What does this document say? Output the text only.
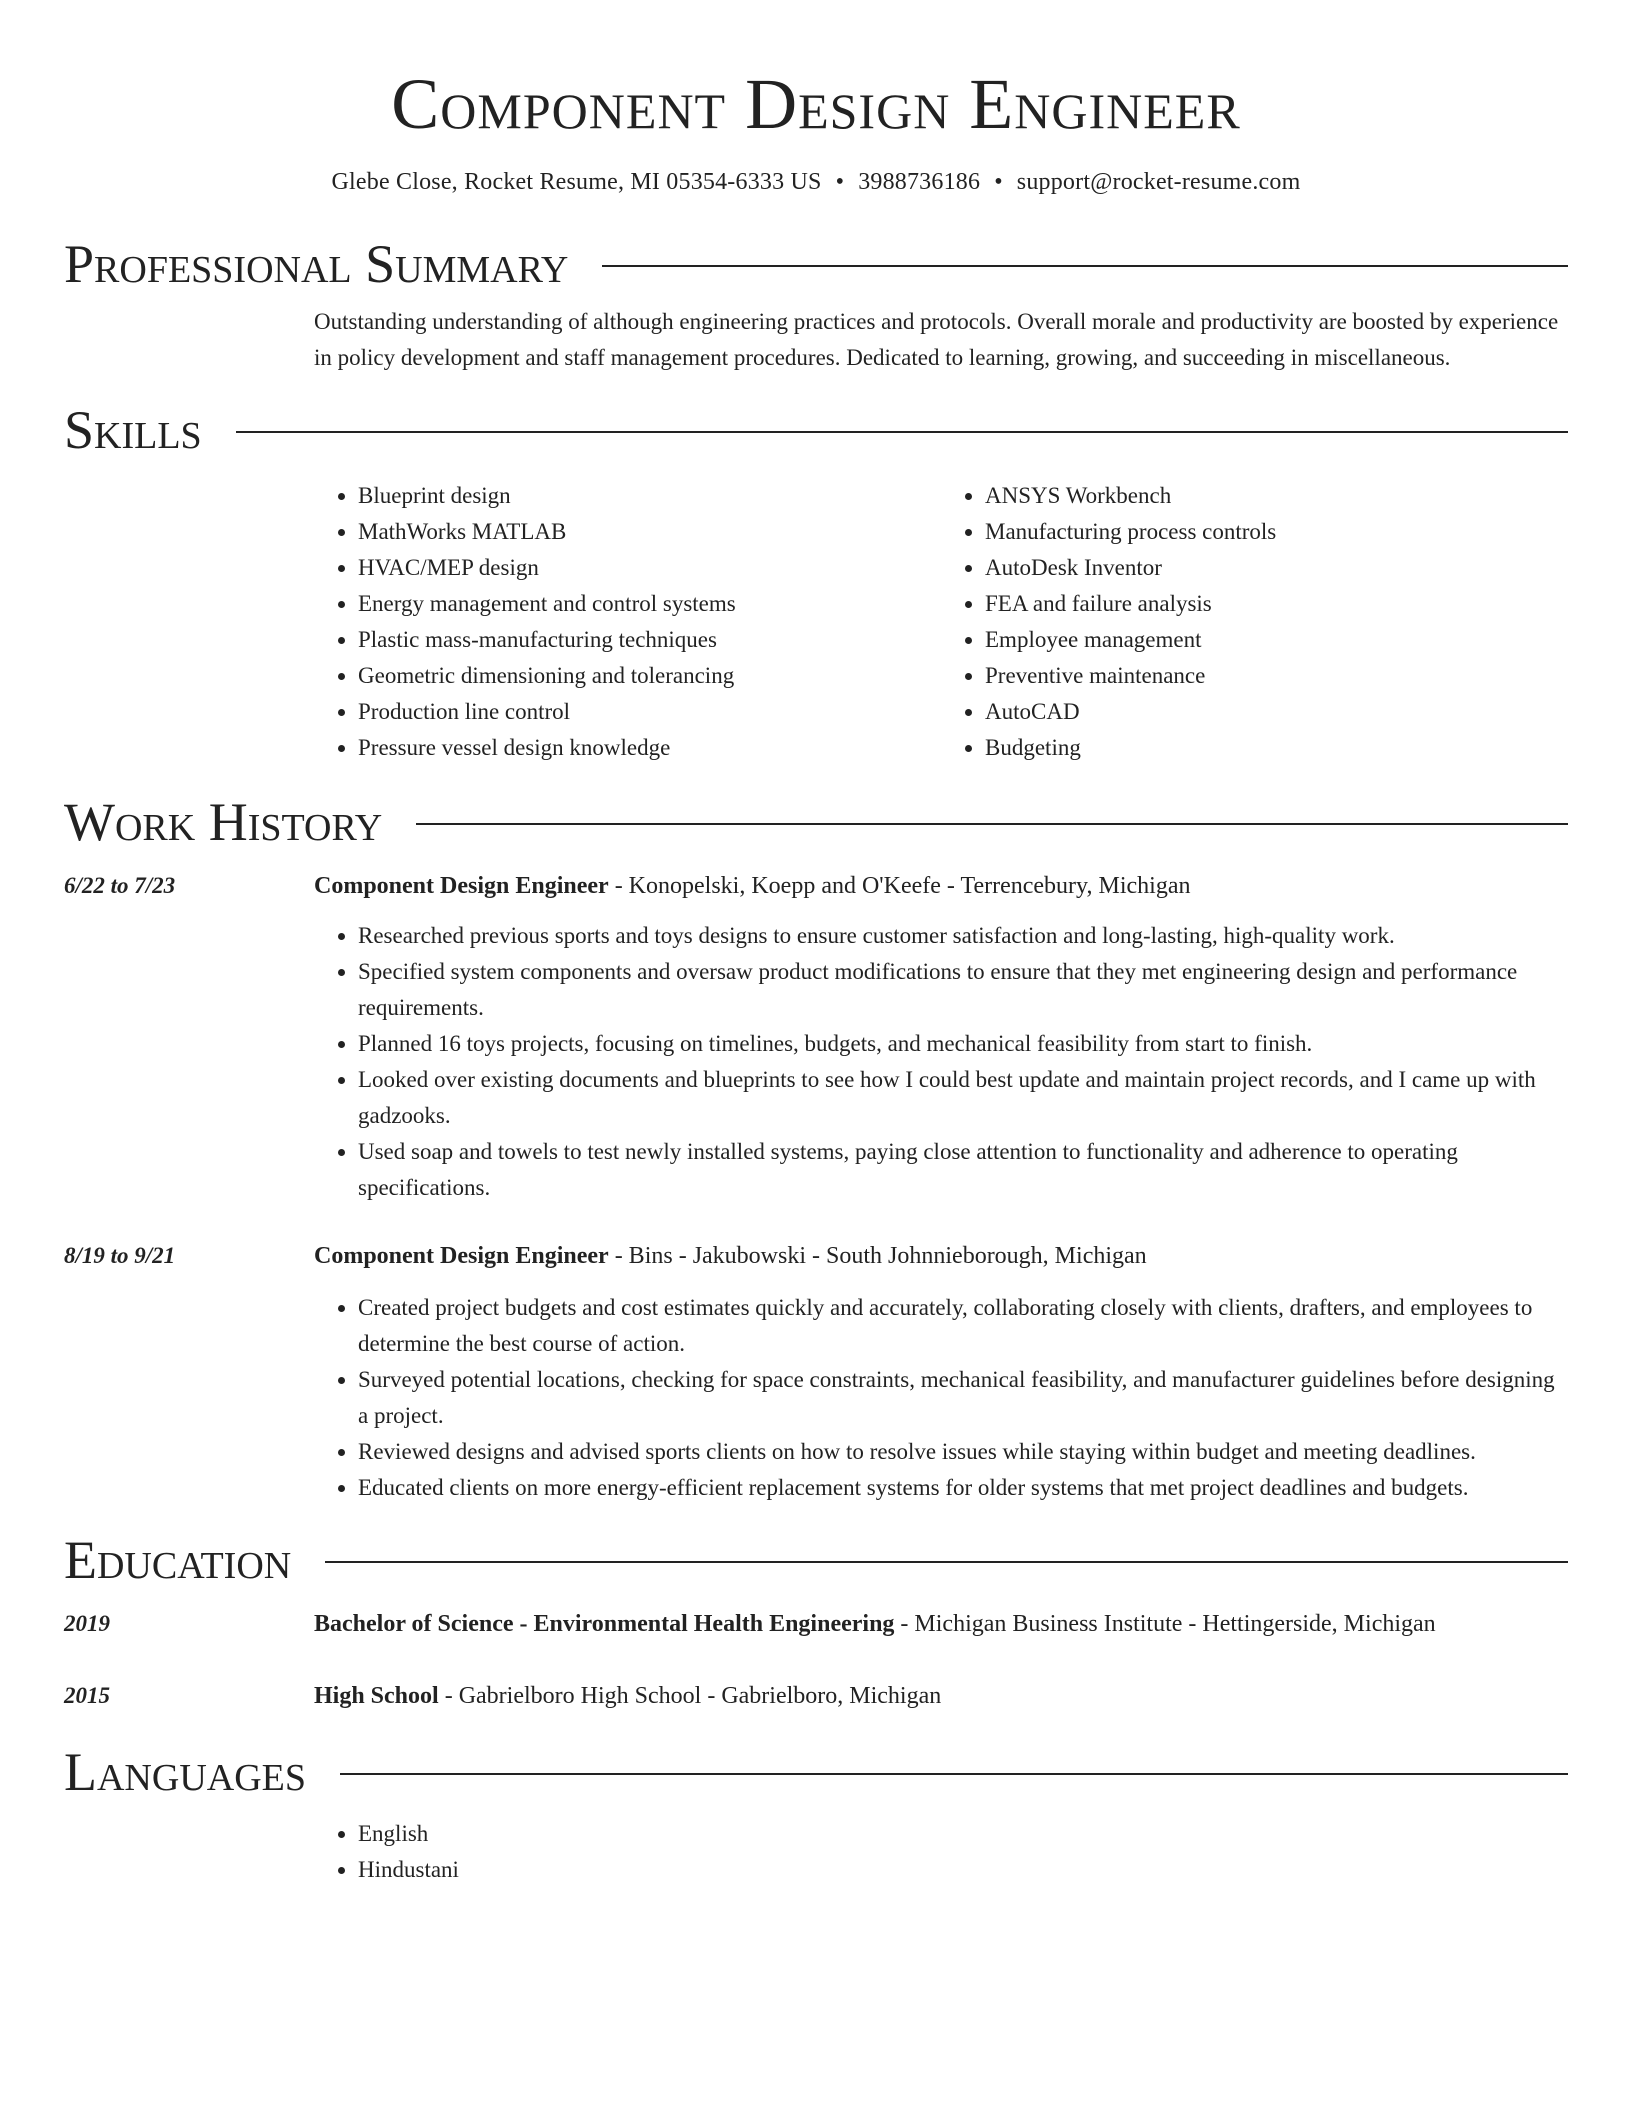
Component Design Engineer
Glebe Close, Rocket Resume, MI 05354-6333 US • 3988736186 • support@rocket-resume.com
Professional Summary

Outstanding understanding of although engineering practices and protocols. Overall morale and productivity are boosted by experience in policy development and staff management procedures. Dedicated to learning, growing, and succeeding in miscellaneous.

Skills
• Blueprint design
• MathWorks MATLAB
• HVAC/MEP design
• Energy management and control systems
• Plastic mass-manufacturing techniques
• Geometric dimensioning and tolerancing
• Production line control
• Pressure vessel design knowledge
• ANSYS Workbench
• Manufacturing process controls
• AutoDesk Inventor
• FEA and failure analysis
• Employee management
• Preventive maintenance
• AutoCAD
• Budgeting
Work History
6/22 to 7/23	Component Design Engineer - Konopelski, Koepp and O'Keefe - Terrencebury, Michigan
• Researched previous sports and toys designs to ensure customer satisfaction and long-lasting, high-quality work.
• Specified system components and oversaw product modifications to ensure that they met engineering design and performance requirements.
• Planned 16 toys projects, focusing on timelines, budgets, and mechanical feasibility from start to finish.
• Looked over existing documents and blueprints to see how I could best update and maintain project records, and I came up with gadzooks.
• Used soap and towels to test newly installed systems, paying close attention to functionality and adherence to operating specifications.
8/19 to 9/21	Component Design Engineer - Bins - Jakubowski - South Johnnieborough, Michigan
• Created project budgets and cost estimates quickly and accurately, collaborating closely with clients, drafters, and employees to determine the best course of action.
• Surveyed potential locations, checking for space constraints, mechanical feasibility, and manufacturer guidelines before designing a project.
• Reviewed designs and advised sports clients on how to resolve issues while staying within budget and meeting deadlines.
• Educated clients on more energy-efficient replacement systems for older systems that met project deadlines and budgets.
Education
2019	Bachelor of Science - Environmental Health Engineering - Michigan Business Institute - Hettingerside, Michigan
2015	High School - Gabrielboro High School - Gabrielboro, Michigan
Languages
• English
• Hindustani
